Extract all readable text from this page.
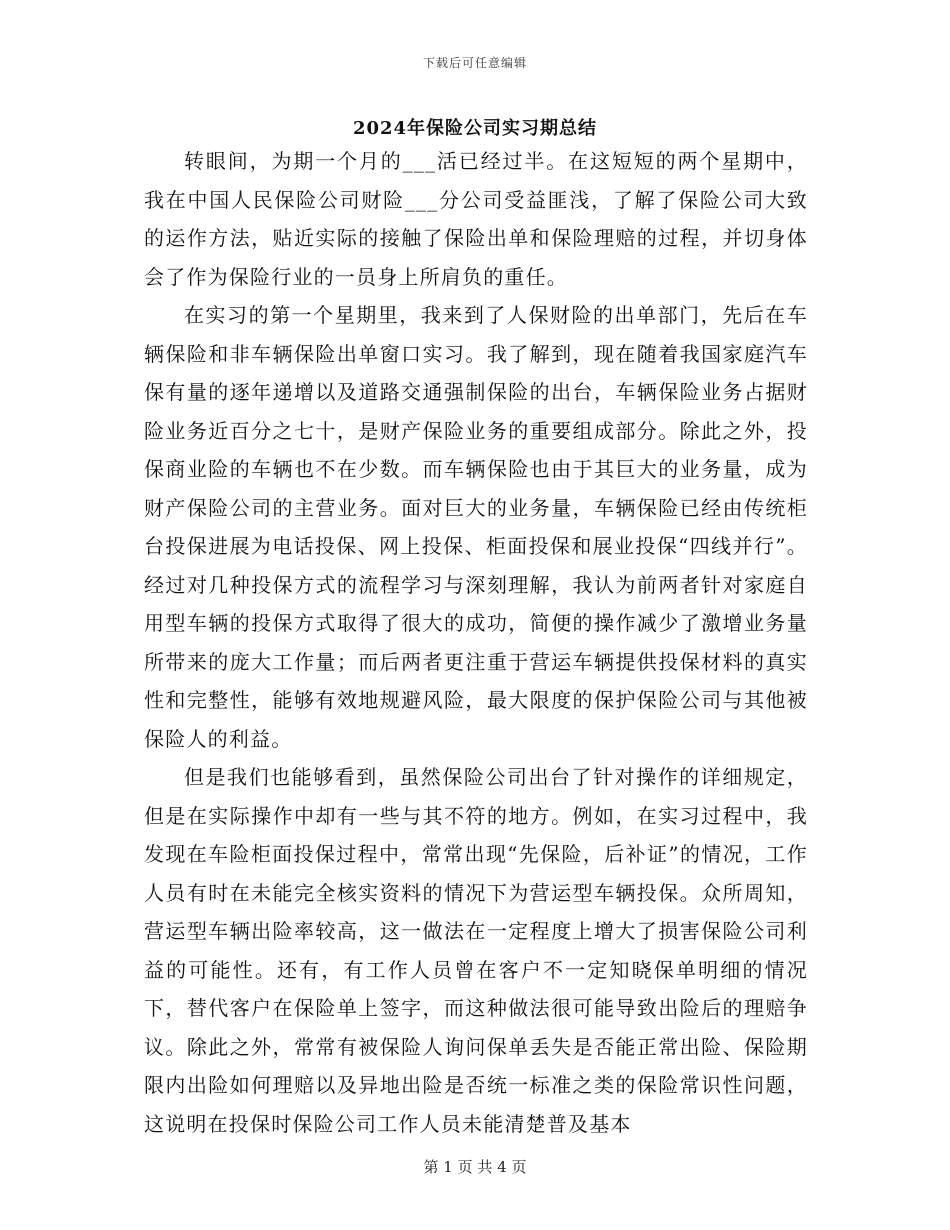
下载后可任意编辑
2024年保险公司实习期总结

转眼间，为期一个月的___活已经过半。在这短短的两个星期中，我在中国人民保险公司财险___分公司受益匪浅，了解了保险公司大致的运作方法，贴近实际的接触了保险出单和保险理赔的过程，并切身体会了作为保险行业的一员身上所肩负的重任。

在实习的第一个星期里，我来到了人保财险的出单部门，先后在车辆保险和非车辆保险出单窗口实习。我了解到，现在随着我国家庭汽车保有量的逐年递增以及道路交通强制保险的出台，车辆保险业务占据财险业务近百分之七十，是财产保险业务的重要组成部分。除此之外，投保商业险的车辆也不在少数。而车辆保险也由于其巨大的业务量，成为财产保险公司的主营业务。面对巨大的业务量，车辆保险已经由传统柜台投保进展为电话投保、网上投保、柜面投保和展业投保“四线并行”。经过对几种投保方式的流程学习与深刻理解，我认为前两者针对家庭自用型车辆的投保方式取得了很大的成功，简便的操作减少了激增业务量所带来的庞大工作量；而后两者更注重于营运车辆提供投保材料的真实性和完整性，能够有效地规避风险，最大限度的保护保险公司与其他被保险人的利益。

但是我们也能够看到，虽然保险公司出台了针对操作的详细规定，但是在实际操作中却有一些与其不符的地方。例如，在实习过程中，我发现在车险柜面投保过程中，常常出现“先保险，后补证”的情况，工作人员有时在未能完全核实资料的情况下为营运型车辆投保。众所周知，营运型车辆出险率较高，这一做法在一定程度上增大了损害保险公司利益的可能性。还有，有工作人员曾在客户不一定知晓保单明细的情况下，替代客户在保险单上签字，而这种做法很可能导致出险后的理赔争议。除此之外，常常有被保险人询问保单丢失是否能正常出险、保险期限内出险如何理赔以及异地出险是否统一标准之类的保险常识性问题，这说明在投保时保险公司工作人员未能清楚普及基本

第 1 页 共 4 页
